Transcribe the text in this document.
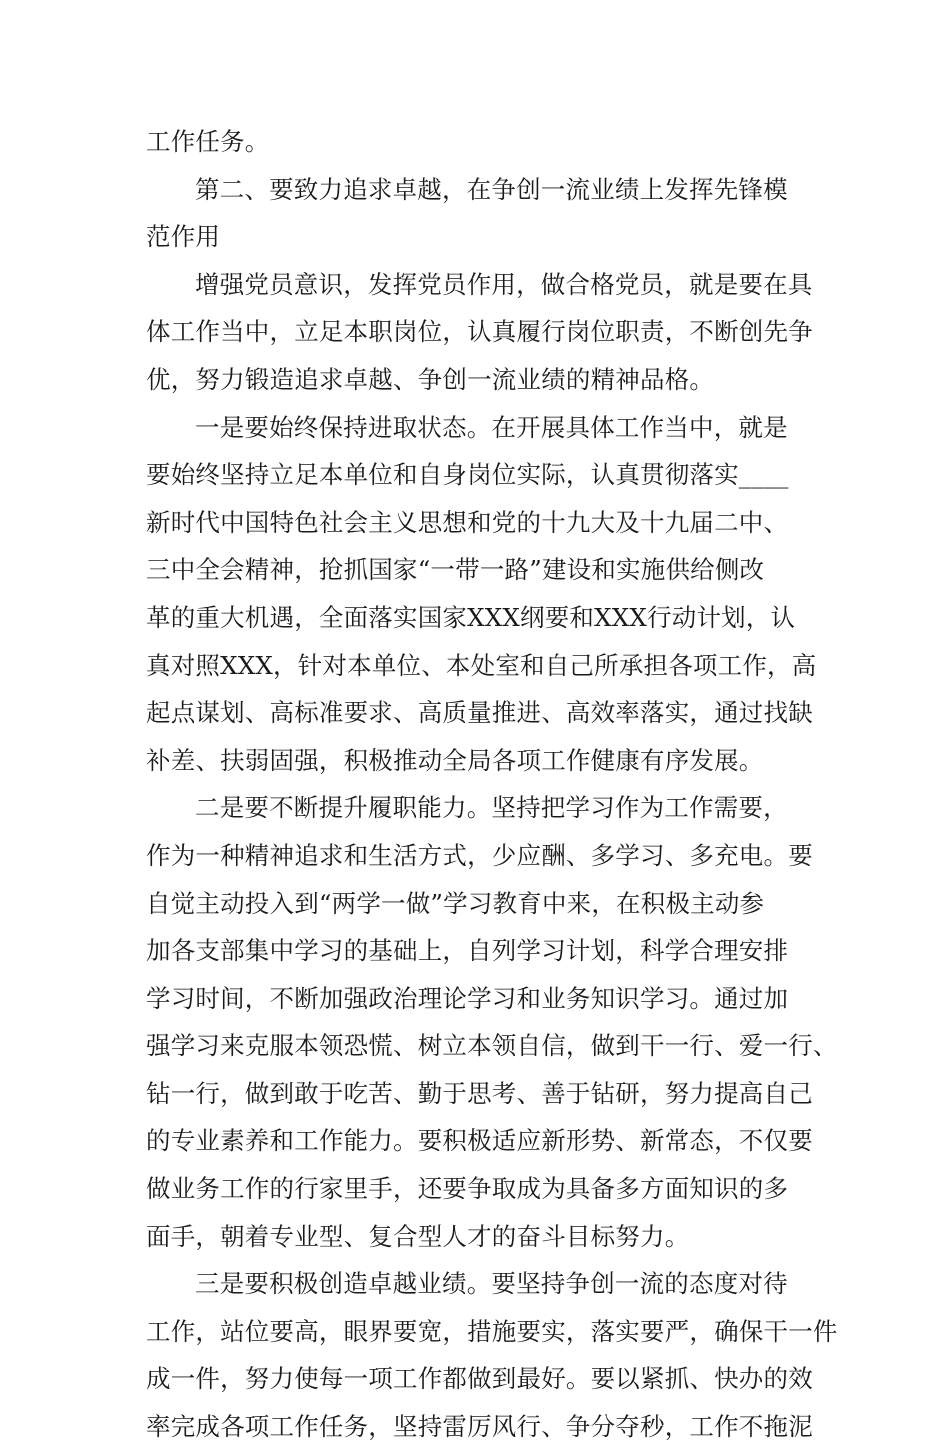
工作任务。
第二、要致力追求卓越，在争创一流业绩上发挥先锋模
范作用
增强党员意识，发挥党员作用，做合格党员，就是要在具
体工作当中，立足本职岗位，认真履行岗位职责，不断创先争
优，努力锻造追求卓越、争创一流业绩的精神品格。
一是要始终保持进取状态。在开展具体工作当中，就是
要始终坚持立足本单位和自身岗位实际，认真贯彻落实____
新时代中国特色社会主义思想和党的十九大及十九届二中、
三中全会精神，抢抓国家“一带一路”建设和实施供给侧改
革的重大机遇，全面落实国家XXX纲要和XXX行动计划，认
真对照XXX，针对本单位、本处室和自己所承担各项工作，高
起点谋划、高标准要求、高质量推进、高效率落实，通过找缺
补差、扶弱固强，积极推动全局各项工作健康有序发展。
二是要不断提升履职能力。坚持把学习作为工作需要，
作为一种精神追求和生活方式，少应酬、多学习、多充电。要
自觉主动投入到“两学一做”学习教育中来，在积极主动参
加各支部集中学习的基础上，自列学习计划，科学合理安排
学习时间，不断加强政治理论学习和业务知识学习。通过加
强学习来克服本领恐慌、树立本领自信，做到干一行、爱一行、
钻一行，做到敢于吃苦、勤于思考、善于钻研，努力提高自己
的专业素养和工作能力。要积极适应新形势、新常态，不仅要
做业务工作的行家里手，还要争取成为具备多方面知识的多
面手，朝着专业型、复合型人才的奋斗目标努力。
三是要积极创造卓越业绩。要坚持争创一流的态度对待
工作，站位要高，眼界要宽，措施要实，落实要严，确保干一件
成一件，努力使每一项工作都做到最好。要以紧抓、快办的效
率完成各项工作任务，坚持雷厉风行、争分夺秒，工作不拖泥
